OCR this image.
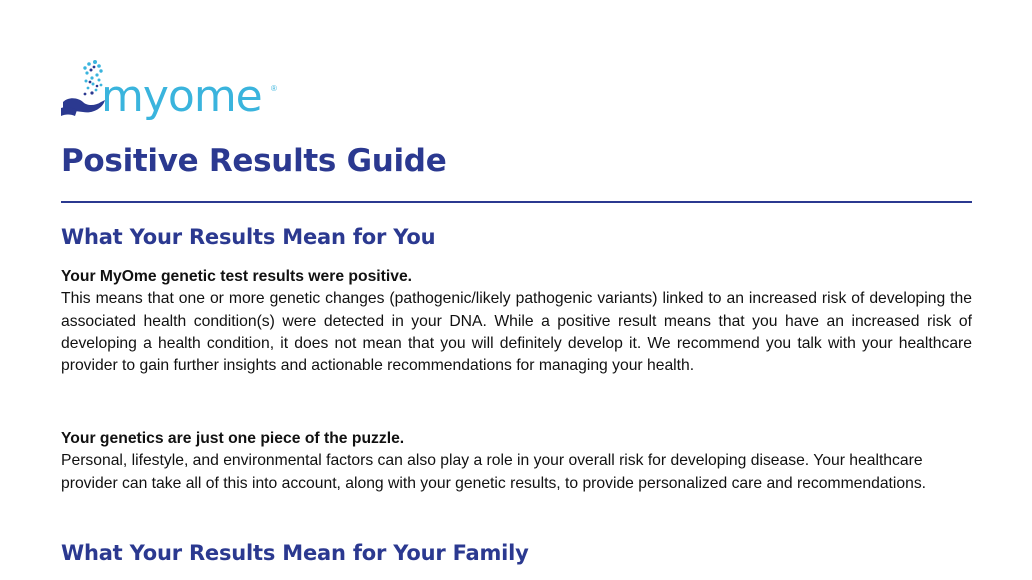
myome ®
Positive Results Guide
What Your Results Mean for You

Your MyOme genetic test results were positive.

This means that one or more genetic changes (pathogenic/likely pathogenic variants) linked to an increased risk of developing the associated health condition(s) were detected in your DNA. While a positive result means that you have an increased risk of developing a health condition, it does not mean that you will definitely develop it. We recommend you talk with your healthcare provider to gain further insights and actionable recommendations for managing your health.

Your genetics are just one piece of the puzzle.

Personal, lifestyle, and environmental factors can also play a role in your overall risk for developing disease. Your healthcare provider can take all of this into account, along with your genetic results, to provide personalized care and recommendations.

What Your Results Mean for Your Family
